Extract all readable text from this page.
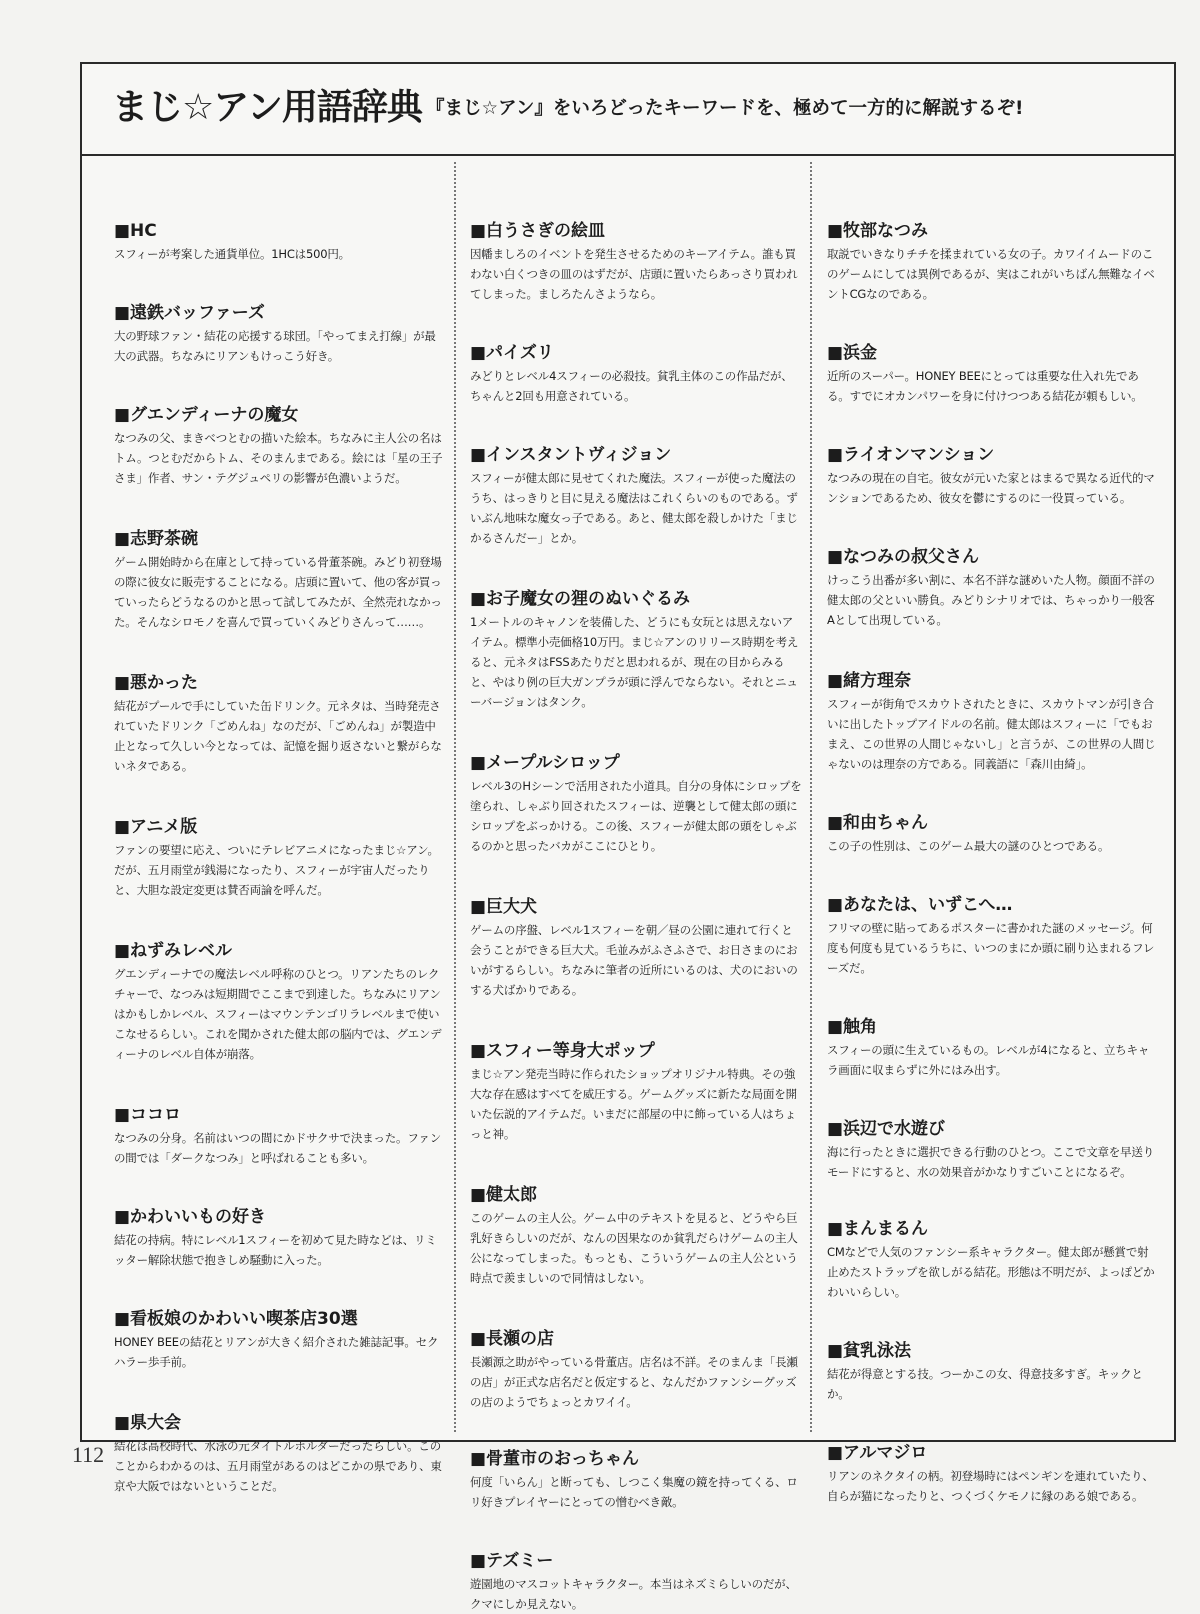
まじ☆アン用語辞典 『まじ☆アン』をいろどったキーワードを、極めて一方的に解説するぞ!

■HC

スフィーが考案した通貨単位。1HCは500円。

■遠鉄バッファーズ

大の野球ファン・結花の応援する球団。「やってまえ打線」が最大の武器。ちなみにリアンもけっこう好き。

■グエンディーナの魔女

なつみの父、まきべつとむの描いた絵本。ちなみに主人公の名はトム。つとむだからトム、そのまんまである。絵には「星の王子さま」作者、サン・テグジュペリの影響が色濃いようだ。

■志野茶碗

ゲーム開始時から在庫として持っている骨董茶碗。みどり初登場の際に彼女に販売することになる。店頭に置いて、他の客が買っていったらどうなるのかと思って試してみたが、全然売れなかった。そんなシロモノを喜んで買っていくみどりさんって……。

■悪かった

結花がプールで手にしていた缶ドリンク。元ネタは、当時発売されていたドリンク「ごめんね」なのだが、「ごめんね」が製造中止となって久しい今となっては、記憶を掘り返さないと繋がらないネタである。

■アニメ版

ファンの要望に応え、ついにテレビアニメになったまじ☆アン。だが、五月雨堂が銭湯になったり、スフィーが宇宙人だったりと、大胆な設定変更は賛否両論を呼んだ。

■ねずみレベル

グエンディーナでの魔法レベル呼称のひとつ。リアンたちのレクチャーで、なつみは短期間でここまで到達した。ちなみにリアンはかもしかレベル、スフィーはマウンテンゴリラレベルまで使いこなせるらしい。これを聞かされた健太郎の脳内では、グエンディーナのレベル自体が崩落。

■ココロ

なつみの分身。名前はいつの間にかドサクサで決まった。ファンの間では「ダークなつみ」と呼ばれることも多い。

■かわいいもの好き

結花の持病。特にレベル1スフィーを初めて見た時などは、リミッター解除状態で抱きしめ騒動に入った。

■看板娘のかわいい喫茶店30選

HONEY BEEの結花とリアンが大きく紹介された雑誌記事。セクハラー歩手前。

■県大会

結花は高校時代、水泳の元タイトルホルダーだったらしい。このことからわかるのは、五月雨堂があるのはどこかの県であり、東京や大阪ではないということだ。

■白うさぎの絵皿

因幡ましろのイベントを発生させるためのキーアイテム。誰も買わない白くつきの皿のはずだが、店頭に置いたらあっさり買われてしまった。ましろたんさようなら。

■パイズリ

みどりとレベル4スフィーの必殺技。貧乳主体のこの作品だが、ちゃんと2回も用意されている。

■インスタントヴィジョン

スフィーが健太郎に見せてくれた魔法。スフィーが使った魔法のうち、はっきりと目に見える魔法はこれくらいのものである。ずいぶん地味な魔女っ子である。あと、健太郎を殺しかけた「まじかるさんだー」とか。

■お子魔女の狸のぬいぐるみ

1メートルのキャノンを装備した、どうにも女玩とは思えないアイテム。標準小売価格10万円。まじ☆アンのリリース時期を考えると、元ネタはFSSあたりだと思われるが、現在の目からみると、やはり例の巨大ガンプラが頭に浮んでならない。それとニューバージョンはタンク。

■メープルシロップ

レベル3のHシーンで活用された小道具。自分の身体にシロップを塗られ、しゃぶり回されたスフィーは、逆襲として健太郎の頭にシロップをぶっかける。この後、スフィーが健太郎の頭をしゃぶるのかと思ったバカがここにひとり。

■巨大犬

ゲームの序盤、レベル1スフィーを朝／昼の公園に連れて行くと会うことができる巨大犬。毛並みがふさふさで、お日さまのにおいがするらしい。ちなみに筆者の近所にいるのは、犬のにおいのする犬ばかりである。

■スフィー等身大ポップ

まじ☆アン発売当時に作られたショップオリジナル特典。その強大な存在感はすべてを威圧する。ゲームグッズに新たな局面を開いた伝説的アイテムだ。いまだに部屋の中に飾っている人はちょっと神。

■健太郎

このゲームの主人公。ゲーム中のテキストを見ると、どうやら巨乳好きらしいのだが、なんの因果なのか貧乳だらけゲームの主人公になってしまった。もっとも、こういうゲームの主人公という時点で羨ましいので同情はしない。

■長瀬の店

長瀬源之助がやっている骨董店。店名は不詳。そのまんま「長瀬の店」が正式な店名だと仮定すると、なんだかファンシーグッズの店のようでちょっとカワイイ。

■骨董市のおっちゃん

何度「いらん」と断っても、しつこく集魔の鏡を持ってくる、ロリ好きプレイヤーにとっての憎むべき敵。

■テズミー

遊園地のマスコットキャラクター。本当はネズミらしいのだが、クマにしか見えない。

■牧部なつみ

取説でいきなりチチを揉まれている女の子。カワイイムードのこのゲームにしては異例であるが、実はこれがいちばん無難なイベントCGなのである。

■浜金

近所のスーパー。HONEY BEEにとっては重要な仕入れ先である。すでにオカンパワーを身に付けつつある結花が頼もしい。

■ライオンマンション

なつみの現在の自宅。彼女が元いた家とはまるで異なる近代的マンションであるため、彼女を鬱にするのに一役買っている。

■なつみの叔父さん

けっこう出番が多い割に、本名不詳な謎めいた人物。顔面不詳の健太郎の父といい勝負。みどりシナリオでは、ちゃっかり一般客Aとして出現している。

■緒方理奈

スフィーが街角でスカウトされたときに、スカウトマンが引き合いに出したトップアイドルの名前。健太郎はスフィーに「でもおまえ、この世界の人間じゃないし」と言うが、この世界の人間じゃないのは理奈の方である。同義語に「森川由綺」。

■和由ちゃん

この子の性別は、このゲーム最大の謎のひとつである。

■あなたは、いずこへ…

フリマの壁に貼ってあるポスターに書かれた謎のメッセージ。何度も何度も見ているうちに、いつのまにか頭に刷り込まれるフレーズだ。

■触角

スフィーの頭に生えているもの。レベルが4になると、立ちキャラ画面に収まらずに外にはみ出す。

■浜辺で水遊び

海に行ったときに選択できる行動のひとつ。ここで文章を早送りモードにすると、水の効果音がかなりすごいことになるぞ。

■まんまるん

CMなどで人気のファンシー系キャラクター。健太郎が懸賞で射止めたストラップを欲しがる結花。形態は不明だが、よっぽどかわいいらしい。

■貧乳泳法

結花が得意とする技。つーかこの女、得意技多すぎ。キックとか。

■アルマジロ

リアンのネクタイの柄。初登場時にはペンギンを連れていたり、自らが猫になったりと、つくづくケモノに縁のある娘である。

112
